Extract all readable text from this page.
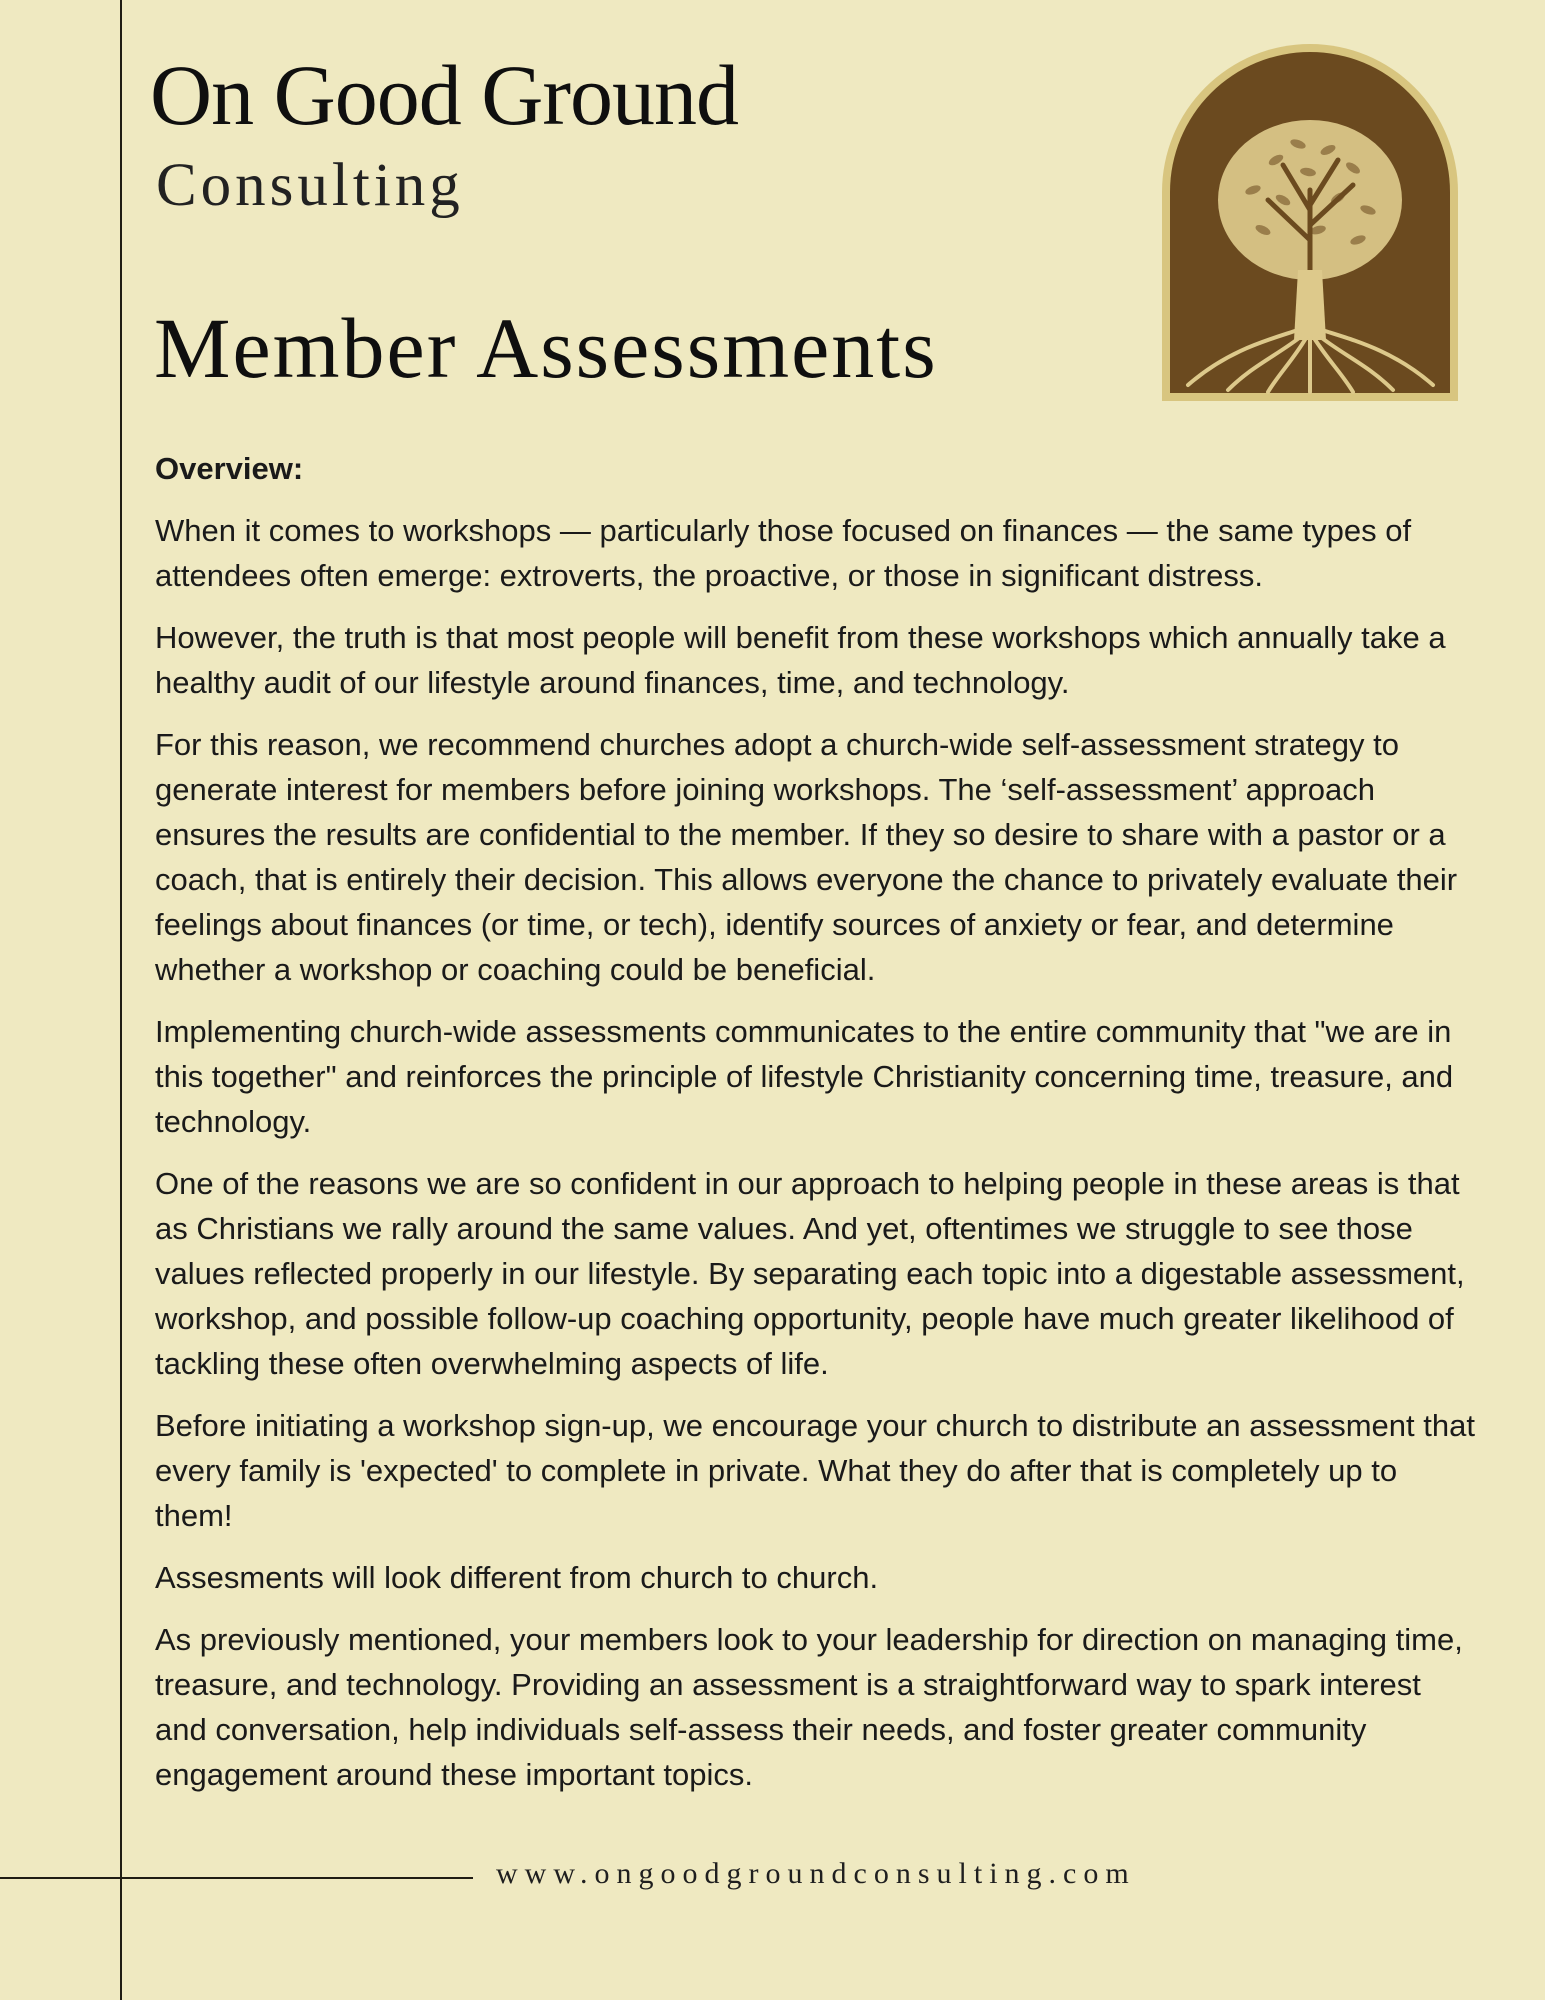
On Good Ground
Consulting
Member Assessments

Overview:

When it comes to workshops — particularly those focused on finances — the same types of attendees often emerge: extroverts, the proactive, or those in significant distress.

However, the truth is that most people will benefit from these workshops which annually take a healthy audit of our lifestyle around finances, time, and technology.

For this reason, we recommend churches adopt a church-wide self-assessment strategy to generate interest for members before joining workshops. The ‘self-assessment’ approach ensures the results are confidential to the member. If they so desire to share with a pastor or a coach, that is entirely their decision. This allows everyone the chance to privately evaluate their feelings about finances (or time, or tech), identify sources of anxiety or fear, and determine whether a workshop or coaching could be beneficial.

Implementing church-wide assessments communicates to the entire community that "we are in this together" and reinforces the principle of lifestyle Christianity concerning time, treasure, and technology.

One of the reasons we are so confident in our approach to helping people in these areas is that as Christians we rally around the same values. And yet, oftentimes we struggle to see those values reflected properly in our lifestyle. By separating each topic into a digestable assessment, workshop, and possible follow-up coaching opportunity, people have much greater likelihood of tackling these often overwhelming aspects of life.

Before initiating a workshop sign-up, we encourage your church to distribute an assessment that every family is 'expected' to complete in private. What they do after that is completely up to them!

Assesments will look different from church to church.

As previously mentioned, your members look to your leadership for direction on managing time, treasure, and technology. Providing an assessment is a straightforward way to spark interest and conversation, help individuals self-assess their needs, and foster greater community engagement around these important topics.

www.ongoodgroundconsulting.com
